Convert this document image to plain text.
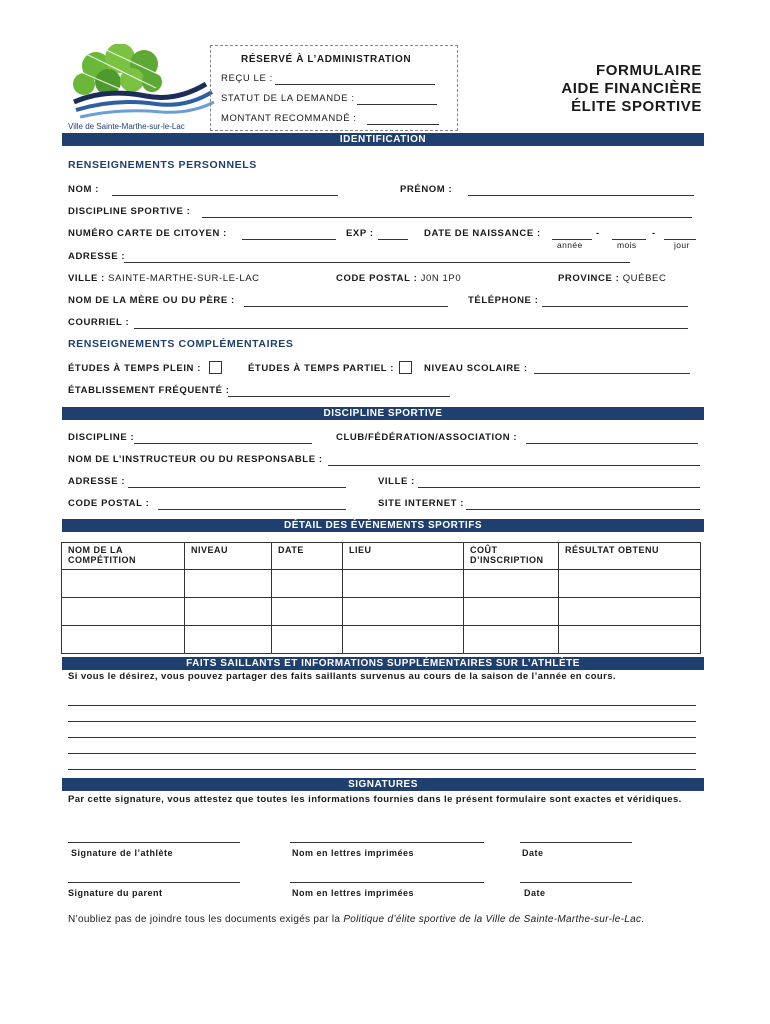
Ville de Sainte-Marthe-sur-le-Lac
RÉSERVÉ À L’ADMINISTRATION
REÇU LE :
STATUT DE LA DEMANDE :
MONTANT RECOMMANDÉ :
FORMULAIRE
AIDE FINANCIÈRE
ÉLITE SPORTIVE
IDENTIFICATION
RENSEIGNEMENTS PERSONNELS
NOM :	PRÉNOM :
DISCIPLINE SPORTIVE :
NUMÉRO CARTE DE CITOYEN :	EXP :	DATE DE NAISSANCE :	-	-
année	mois	jour
ADRESSE :
VILLE : SAINTE-MARTHE-SUR-LE-LAC	CODE POSTAL : J0N 1P0	PROVINCE : QUÉBEC
NOM DE LA MÈRE OU DU PÈRE :	TÉLÉPHONE :
COURRIEL :
RENSEIGNEMENTS COMPLÉMENTAIRES
ÉTUDES À TEMPS PLEIN :	ÉTUDES À TEMPS PARTIEL :	NIVEAU SCOLAIRE :
ÉTABLISSEMENT FRÉQUENTÉ :
DISCIPLINE SPORTIVE
DISCIPLINE :	CLUB/FÉDÉRATION/ASSOCIATION :
NOM DE L’INSTRUCTEUR OU DU RESPONSABLE :
ADRESSE :	VILLE :
CODE POSTAL :	SITE INTERNET :
DÉTAIL DES ÉVÉNEMENTS SPORTIFS
NOM DE LA COMPÉTITION	NIVEAU	DATE	LIEU	COÛT D’INSCRIPTION	RÉSULTAT OBTENU

FAITS SAILLANTS ET INFORMATIONS SUPPLÉMENTAIRES SUR L’ATHLÈTE
Si vous le désirez, vous pouvez partager des faits saillants survenus au cours de la saison de l’année en cours.
SIGNATURES
Par cette signature, vous attestez que toutes les informations fournies dans le présent formulaire sont exactes et véridiques.
Signature de l’athlète	Nom en lettres imprimées	Date
Signature du parent	Nom en lettres imprimées	Date
N’oubliez pas de joindre tous les documents exigés par la Politique d’élite sportive de la Ville de Sainte-Marthe-sur-le-Lac.
